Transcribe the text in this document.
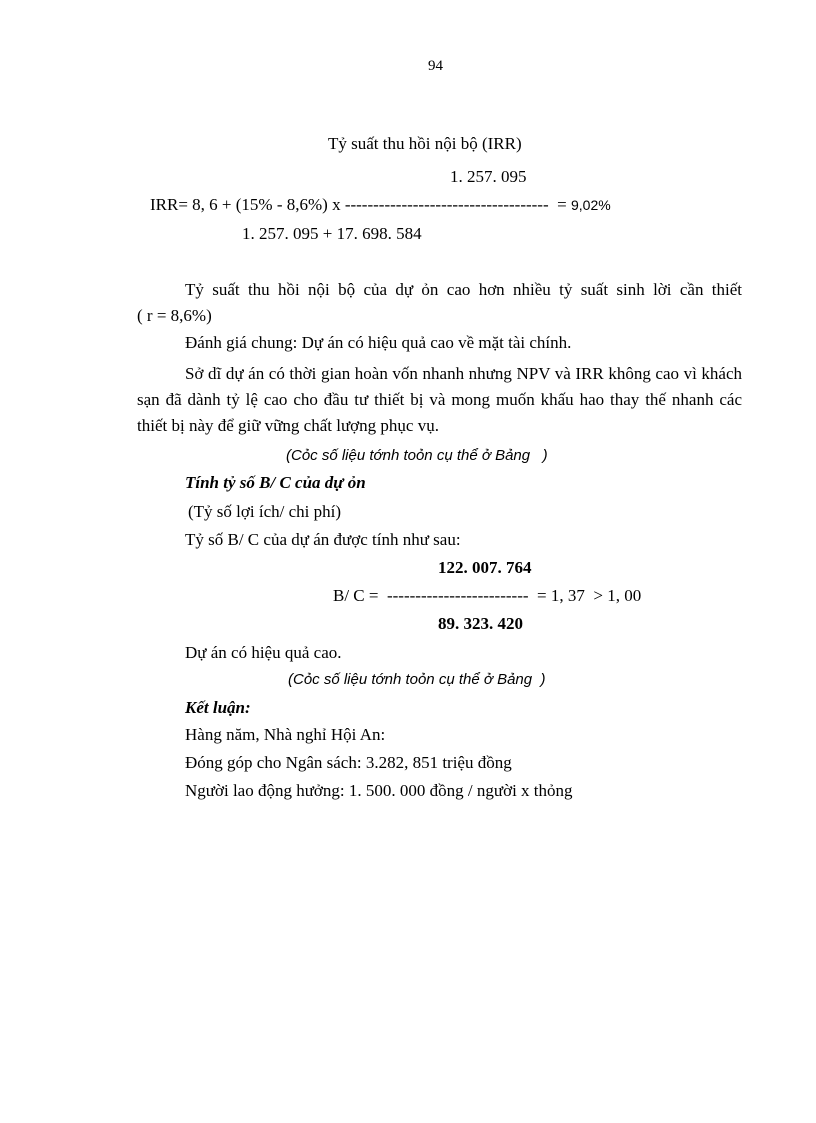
94
Tỷ suất thu hồi nội bộ (IRR)
1. 257. 095
IRR= 8, 6 + (15% - 8,6%) x ------------------------------------  = 9,02%
1. 257. 095 + 17. 698. 584
Tỷ suất thu hồi nội bộ của dự ỏn cao hơn nhiều tỷ suất sinh lời cần thiết
( r = 8,6%)
Đánh giá chung: Dự án có hiệu quả cao về mặt tài chính.
Sở dĩ dự án có thời gian hoàn vốn nhanh nhưng NPV và IRR không cao vì khách sạn đã dành tỷ lệ cao cho đầu tư thiết bị và mong muốn khấu hao thay thế nhanh các thiết bị này để giữ vững chất lượng phục vụ.
(Cỏc số liệu tớnh toỏn cụ thể ở Bảng   )
Tính tỷ số B/ C của dự ỏn
(Tỷ số lợi ích/ chi phí)
Tỷ số B/ C của dự án được tính như sau:
122. 007. 764
B/ C =  -------------------------  = 1, 37  > 1, 00
89. 323. 420
Dự án có hiệu quả cao.
(Cỏc số liệu tớnh toỏn cụ thể ở Bảng  )
Kết luận:
Hàng năm, Nhà nghỉ Hội An:
Đóng góp cho Ngân sách: 3.282, 851 triệu đồng
Người lao động hưởng: 1. 500. 000 đồng / người x thỏng
